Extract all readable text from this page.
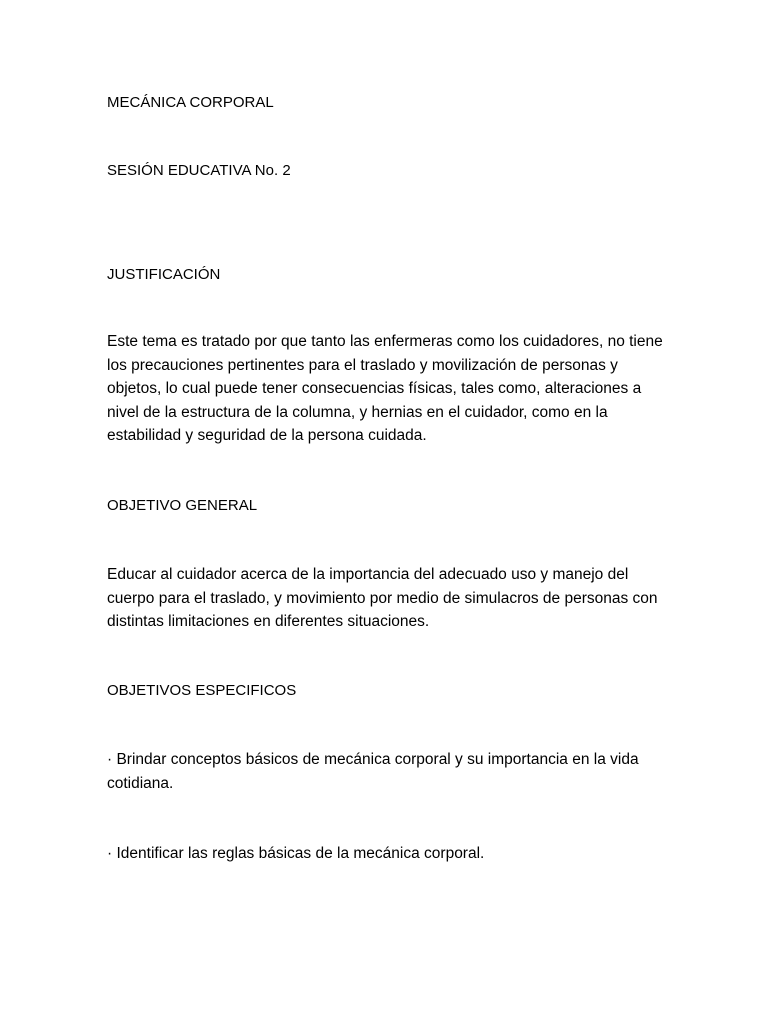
MECÁNICA CORPORAL

SESIÓN EDUCATIVA No. 2

JUSTIFICACIÓN

Este tema es tratado por que tanto las enfermeras como los cuidadores, no tiene los precauciones pertinentes para el traslado y movilización de personas y objetos, lo cual puede tener consecuencias físicas, tales como, alteraciones a nivel de la estructura de la columna, y hernias en el cuidador, como en la estabilidad y seguridad de la persona cuidada.

OBJETIVO GENERAL

Educar al cuidador acerca de la importancia del adecuado uso y manejo del cuerpo para el traslado, y movimiento por medio de simulacros de personas con distintas limitaciones en diferentes situaciones.

OBJETIVOS ESPECIFICOS

· Brindar conceptos básicos de mecánica corporal y su importancia en la vida cotidiana.

· Identificar las reglas básicas de la mecánica corporal.
